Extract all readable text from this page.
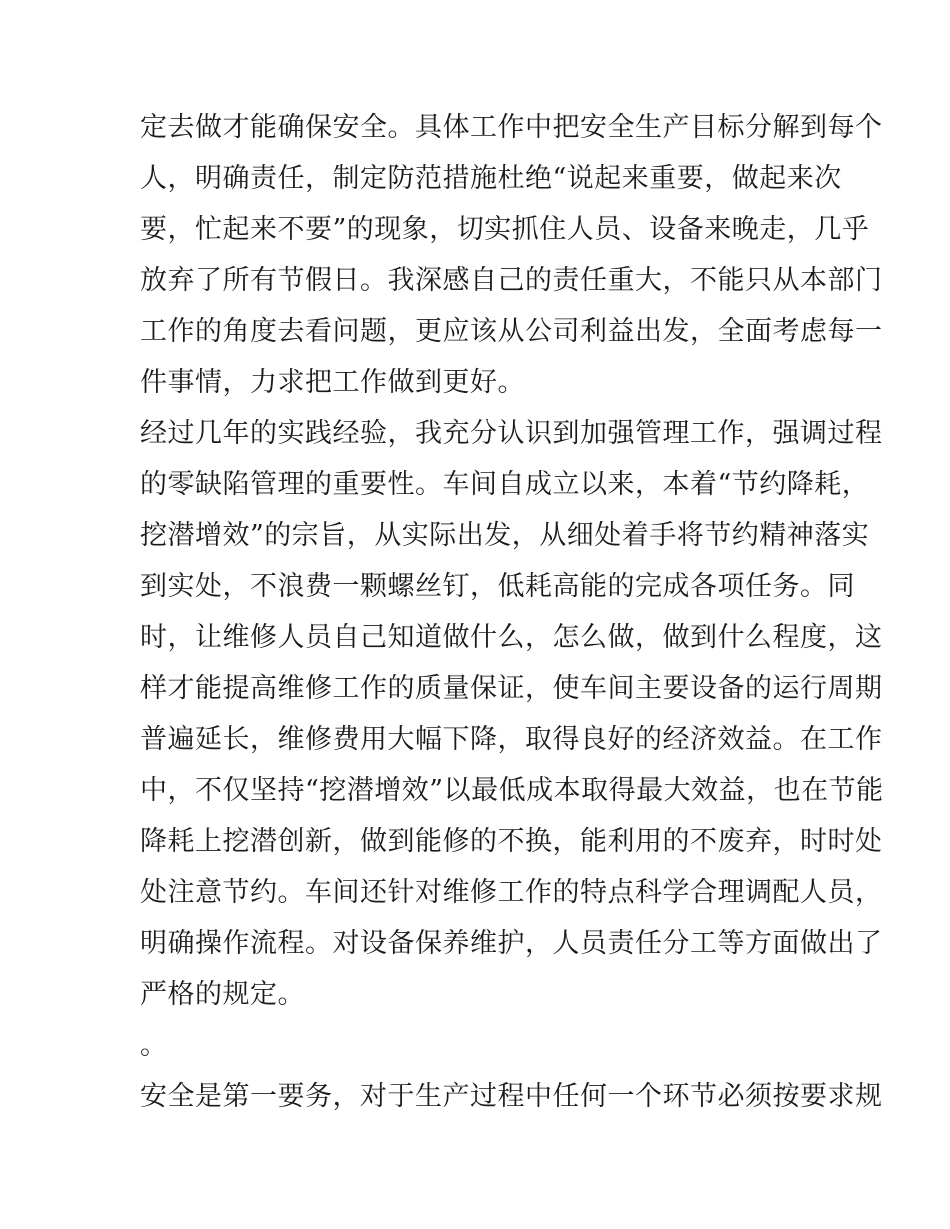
定去做才能确保安全。具体工作中把安全生产目标分解到每个
人，明确责任，制定防范措施杜绝“说起来重要，做起来次
要，忙起来不要”的现象，切实抓住人员、设备来晚走，几乎
放弃了所有节假日。我深感自己的责任重大，不能只从本部门
工作的角度去看问题，更应该从公司利益出发，全面考虑每一
件事情，力求把工作做到更好。
经过几年的实践经验，我充分认识到加强管理工作，强调过程
的零缺陷管理的重要性。车间自成立以来，本着“节约降耗，
挖潜增效”的宗旨，从实际出发，从细处着手将节约精神落实
到实处，不浪费一颗螺丝钉，低耗高能的完成各项任务。同
时，让维修人员自己知道做什么，怎么做，做到什么程度，这
样才能提高维修工作的质量保证，使车间主要设备的运行周期
普遍延长，维修费用大幅下降，取得良好的经济效益。在工作
中，不仅坚持“挖潜增效”以最低成本取得最大效益，也在节能
降耗上挖潜创新，做到能修的不换，能利用的不废弃，时时处
处注意节约。车间还针对维修工作的特点科学合理调配人员，
明确操作流程。对设备保养维护，人员责任分工等方面做出了
严格的规定。
。
安全是第一要务，对于生产过程中任何一个环节必须按要求规
